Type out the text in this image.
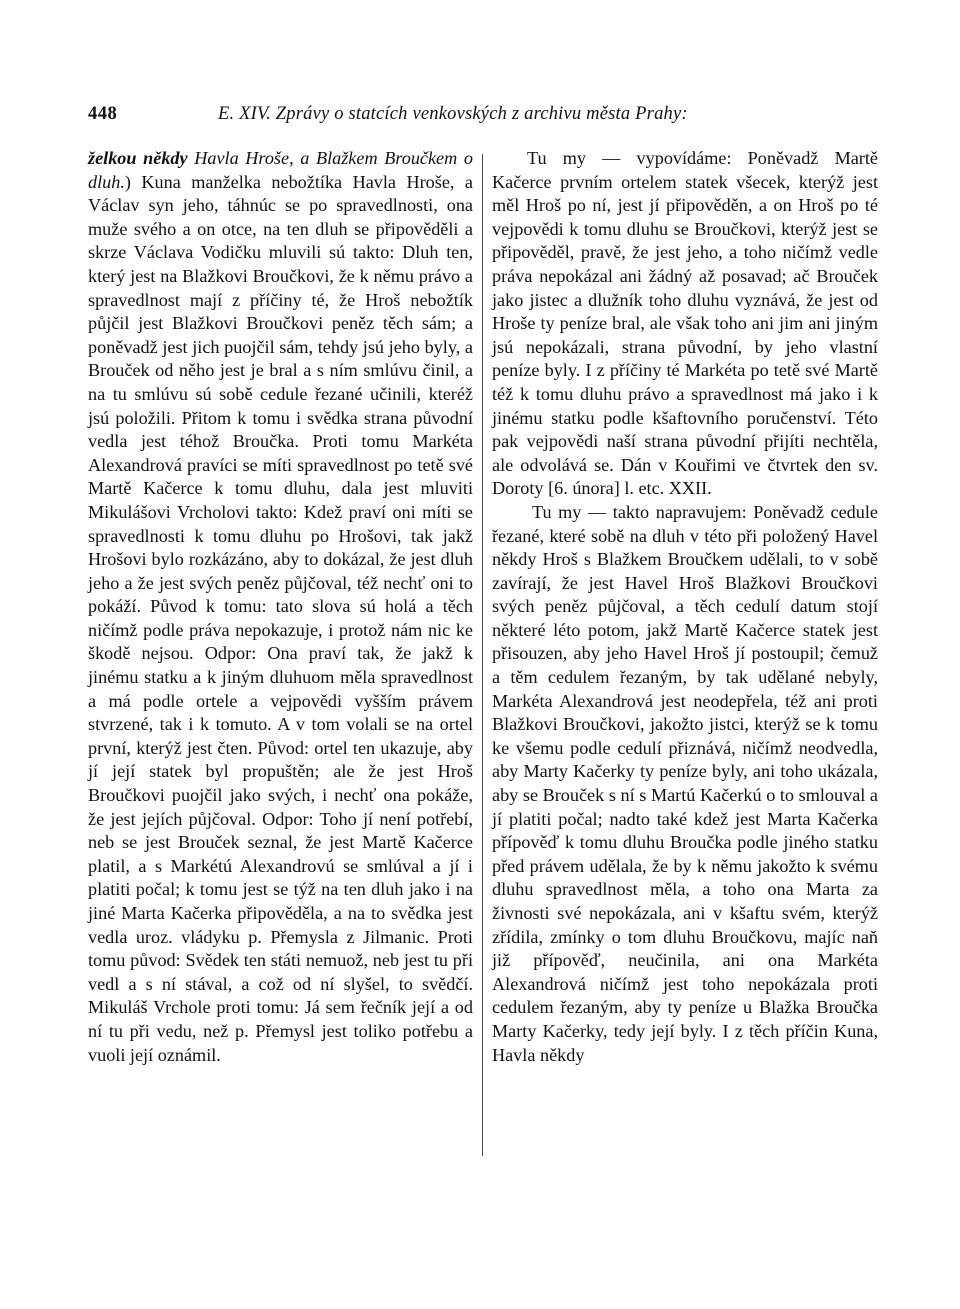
448	E. XIV. Zprávy o statcích venkovských z archivu města Prahy:

želkou někdy Havla Hroše, a Blažkem Broučkem o dluh.) Kuna manželka nebožtíka Havla Hroše, a Václav syn jeho, táhnúc se po spravedlnosti, ona muže svého a on otce, na ten dluh se připověděli a skrze Václava Vodičku mluvili sú takto: Dluh ten, který jest na Blažkovi Broučkovi, že k němu právo a spravedlnost mají z příčiny té, že Hroš nebožtík půjčil jest Blažkovi Broučkovi peněz těch sám; a poněvadž jest jich puojčil sám, tehdy jsú jeho byly, a Brouček od něho jest je bral a s ním smlúvu činil, a na tu smlúvu sú sobě cedule řezané učinili, kteréž jsú položili. Přitom k tomu i svědka strana původní vedla jest téhož Broučka. Proti tomu Markéta Alexandrová pravíci se míti spravedlnost po tetě své Martě Kačerce k tomu dluhu, dala jest mluviti Mikulášovi Vrcholovi takto: Kdež praví oni míti se spravedlnosti k tomu dluhu po Hrošovi, tak jakž Hrošovi bylo rozkázáno, aby to dokázal, že jest dluh jeho a že jest svých peněz půjčoval, též nechť oni to pokáží. Původ k tomu: tato slova sú holá a těch ničímž podle práva nepokazuje, i protož nám nic ke škodě nejsou. Odpor: Ona praví tak, že jakž k jinému statku a k jiným dluhuom měla spravedlnost a má podle ortele a vejpovědi vyšším právem stvrzené, tak i k tomuto. A v tom volali se na ortel první, kterýž jest čten. Původ: ortel ten ukazuje, aby jí její statek byl propuštěn; ale že jest Hroš Broučkovi puojčil jako svých, i nechť ona pokáže, že jest jejích půjčoval. Odpor: Toho jí není potřebí, neb se jest Brouček seznal, že jest Martě Kačerce platil, a s Markétú Alexandrovú se smlúval a jí i platiti počal; k tomu jest se týž na ten dluh jako i na jiné Marta Kačerka připověděla, a na to svědka jest vedla uroz. vládyku p. Přemysla z Jilmanic. Proti tomu původ: Svědek ten státi nemuož, neb jest tu při vedl a s ní stával, a což od ní slyšel, to svědčí. Mikuláš Vrchole proti tomu: Já sem řečník její a od ní tu při vedu, než p. Přemysl jest toliko potřebu a vuoli její oznámil.

Tu my — vypovídáme: Poněvadž Martě Kačerce prvním ortelem statek všecek, kterýž jest měl Hroš po ní, jest jí připověděn, a on Hroš po té vejpovědi k tomu dluhu se Broučkovi, kterýž jest se připověděl, pravě, že jest jeho, a toho ničímž vedle práva nepokázal ani žádný až posavad; ač Brouček jako jistec a dlužník toho dluhu vyznává, že jest od Hroše ty peníze bral, ale však toho ani jim ani jiným jsú nepokázali, strana původní, by jeho vlastní peníze byly. I z příčiny té Markéta po tetě své Martě též k tomu dluhu právo a spravedlnost má jako i k jinému statku podle kšaftovního poručenství. Této pak vejpovědi naší strana původní přijíti nechtěla, ale odvolává se. Dán v Kouřimi ve čtvrtek den sv. Doroty [6. února] l. etc. XXII.

Tu my — takto napravujem: Poněvadž cedule řezané, které sobě na dluh v této při položený Havel někdy Hroš s Blažkem Broučkem udělali, to v sobě zavírají, že jest Havel Hroš Blažkovi Broučkovi svých peněz půjčoval, a těch cedulí datum stojí některé léto potom, jakž Martě Kačerce statek jest přisouzen, aby jeho Havel Hroš jí postoupil; čemuž a těm cedulem řezaným, by tak udělané nebyly, Markéta Alexandrová jest neodepřela, též ani proti Blažkovi Broučkovi, jakožto jistci, kterýž se k tomu ke všemu podle cedulí přiznává, ničímž neodvedla, aby Marty Kačerky ty peníze byly, ani toho ukázala, aby se Brouček s ní s Martú Kačerkú o to smlouval a jí platiti počal; nadto také kdež jest Marta Kačerka přípověď k tomu dluhu Broučka podle jiného statku před právem udělala, že by k němu jakožto k svému dluhu spravedlnost měla, a toho ona Marta za živnosti své nepokázala, ani v kšaftu svém, kterýž zřídila, zmínky o tom dluhu Broučkovu, majíc naň již přípověď, neučinila, ani ona Markéta Alexandrová ničímž jest toho nepokázala proti cedulem řezaným, aby ty peníze u Blažka Broučka Marty Kačerky, tedy její byly. I z těch příčin Kuna, Havla někdy
